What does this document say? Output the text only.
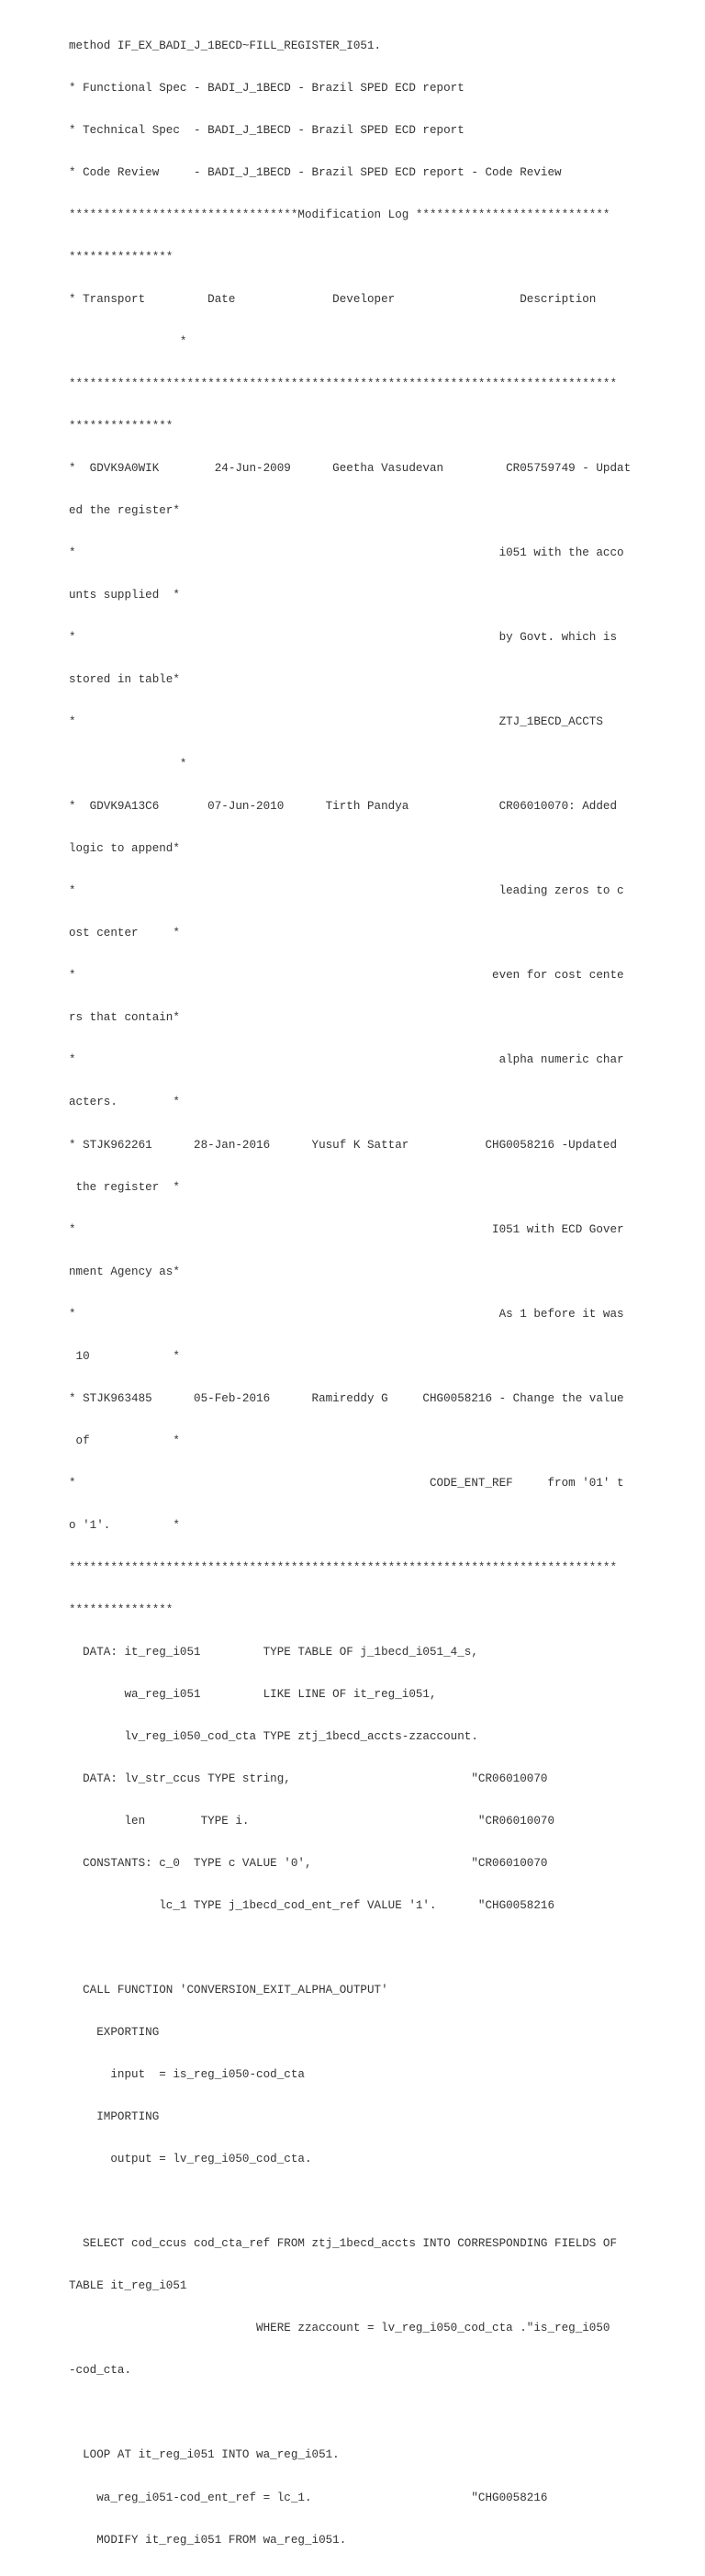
method IF_EX_BADI_J_1BECD~FILL_REGISTER_I051.

* Functional Spec - BADI_J_1BECD - Brazil SPED ECD report

* Technical Spec  - BADI_J_1BECD - Brazil SPED ECD report

* Code Review     - BADI_J_1BECD - Brazil SPED ECD report - Code Review

*********************************Modification Log ****************************

***************

* Transport         Date              Developer                  Description

*

*******************************************************************************

***************

*  GDVK9A0WIK        24-Jun-2009      Geetha Vasudevan         CR05759749 - Updat

ed the register*

*                                                             i051 with the acco

unts supplied  *

*                                                             by Govt. which is

stored in table*

*                                                             ZTJ_1BECD_ACCTS

*

*  GDVK9A13C6       07-Jun-2010      Tirth Pandya             CR06010070: Added

logic to append*

*                                                             leading zeros to c

ost center     *

*                                                            even for cost cente

rs that contain*

*                                                             alpha numeric char

acters.        *

* STJK962261      28-Jan-2016      Yusuf K Sattar           CHG0058216 -Updated

the register  *

*                                                            I051 with ECD Gover

nment Agency as*

*                                                             As 1 before it was

10            *

* STJK963485      05-Feb-2016      Ramireddy G     CHG0058216 - Change the value

of            *

*                                                   CODE_ENT_REF     from '01' t

o '1'.         *

*******************************************************************************

***************

DATA: it_reg_i051         TYPE TABLE OF j_1becd_i051_4_s,

wa_reg_i051         LIKE LINE OF it_reg_i051,

lv_reg_i050_cod_cta TYPE ztj_1becd_accts-zzaccount.

DATA: lv_str_ccus TYPE string,                          "CR06010070

len        TYPE i.                                 "CR06010070

CONSTANTS: c_0  TYPE c VALUE '0',                       "CR06010070

lc_1 TYPE j_1becd_cod_ent_ref VALUE '1'.      "CHG0058216

CALL FUNCTION 'CONVERSION_EXIT_ALPHA_OUTPUT'

EXPORTING

input  = is_reg_i050-cod_cta

IMPORTING

output = lv_reg_i050_cod_cta.

SELECT cod_ccus cod_cta_ref FROM ztj_1becd_accts INTO CORRESPONDING FIELDS OF

TABLE it_reg_i051

WHERE zzaccount = lv_reg_i050_cod_cta ."is_reg_i050

-cod_cta.

LOOP AT it_reg_i051 INTO wa_reg_i051.

wa_reg_i051-cod_ent_ref = lc_1.                       "CHG0058216

MODIFY it_reg_i051 FROM wa_reg_i051.
